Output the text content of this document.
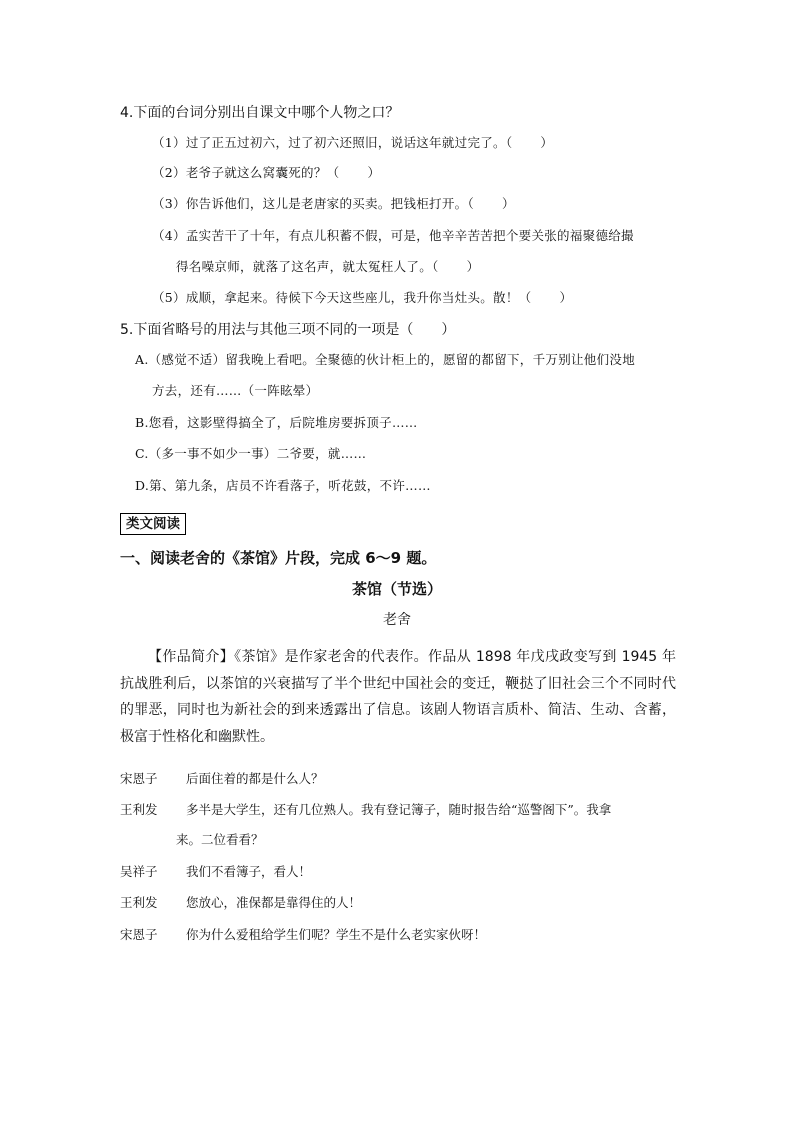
4.下面的台词分别出自课文中哪个人物之口？
（1）过了正五过初六，过了初六还照旧，说话这年就过完了。（ ）
（2）老爷子就这么窝囊死的？（ ）
（3）你告诉他们，这儿是老唐家的买卖。把钱柜打开。（ ）
（4）孟实苦干了十年，有点儿积蓄不假，可是，他辛辛苦苦把个要关张的福聚德给撮
得名噪京师，就落了这名声，就太冤枉人了。（ ）
（5）成顺，拿起来。待候下今天这些座儿，我升你当灶头。散！（ ）
5.下面省略号的用法与其他三项不同的一项是（　　）
A.（感觉不适）留我晚上看吧。全聚德的伙计柜上的，愿留的都留下，千万别让他们没地
方去，还有……（一阵眩晕）
B.您看，这影壁得搞全了，后院堆房要拆顶子……
C.（多一事不如少一事）二爷要，就……
D.第、第九条，店员不许看落子，听花鼓，不许……
类文阅读
一、阅读老舍的《茶馆》片段，完成 6～9 题。
茶馆（节选）
老舍
【作品简介】《茶馆》是作家老舍的代表作。作品从 1898 年戊戌政变写到 1945 年抗战胜利后，以茶馆的兴衰描写了半个世纪中国社会的变迁，鞭挞了旧社会三个不同时代的罪恶，同时也为新社会的到来透露出了信息。该剧人物语言质朴、简洁、生动、含蓄，极富于性格化和幽默性。
宋恩子 后面住着的都是什么人？
王利发 多半是大学生，还有几位熟人。我有登记簿子，随时报告给“巡警阁下”。我拿
来。二位看看？
吴祥子 我们不看簿子，看人！
王利发 您放心，准保都是靠得住的人！
宋恩子 你为什么爱租给学生们呢？学生不是什么老实家伙呀！
